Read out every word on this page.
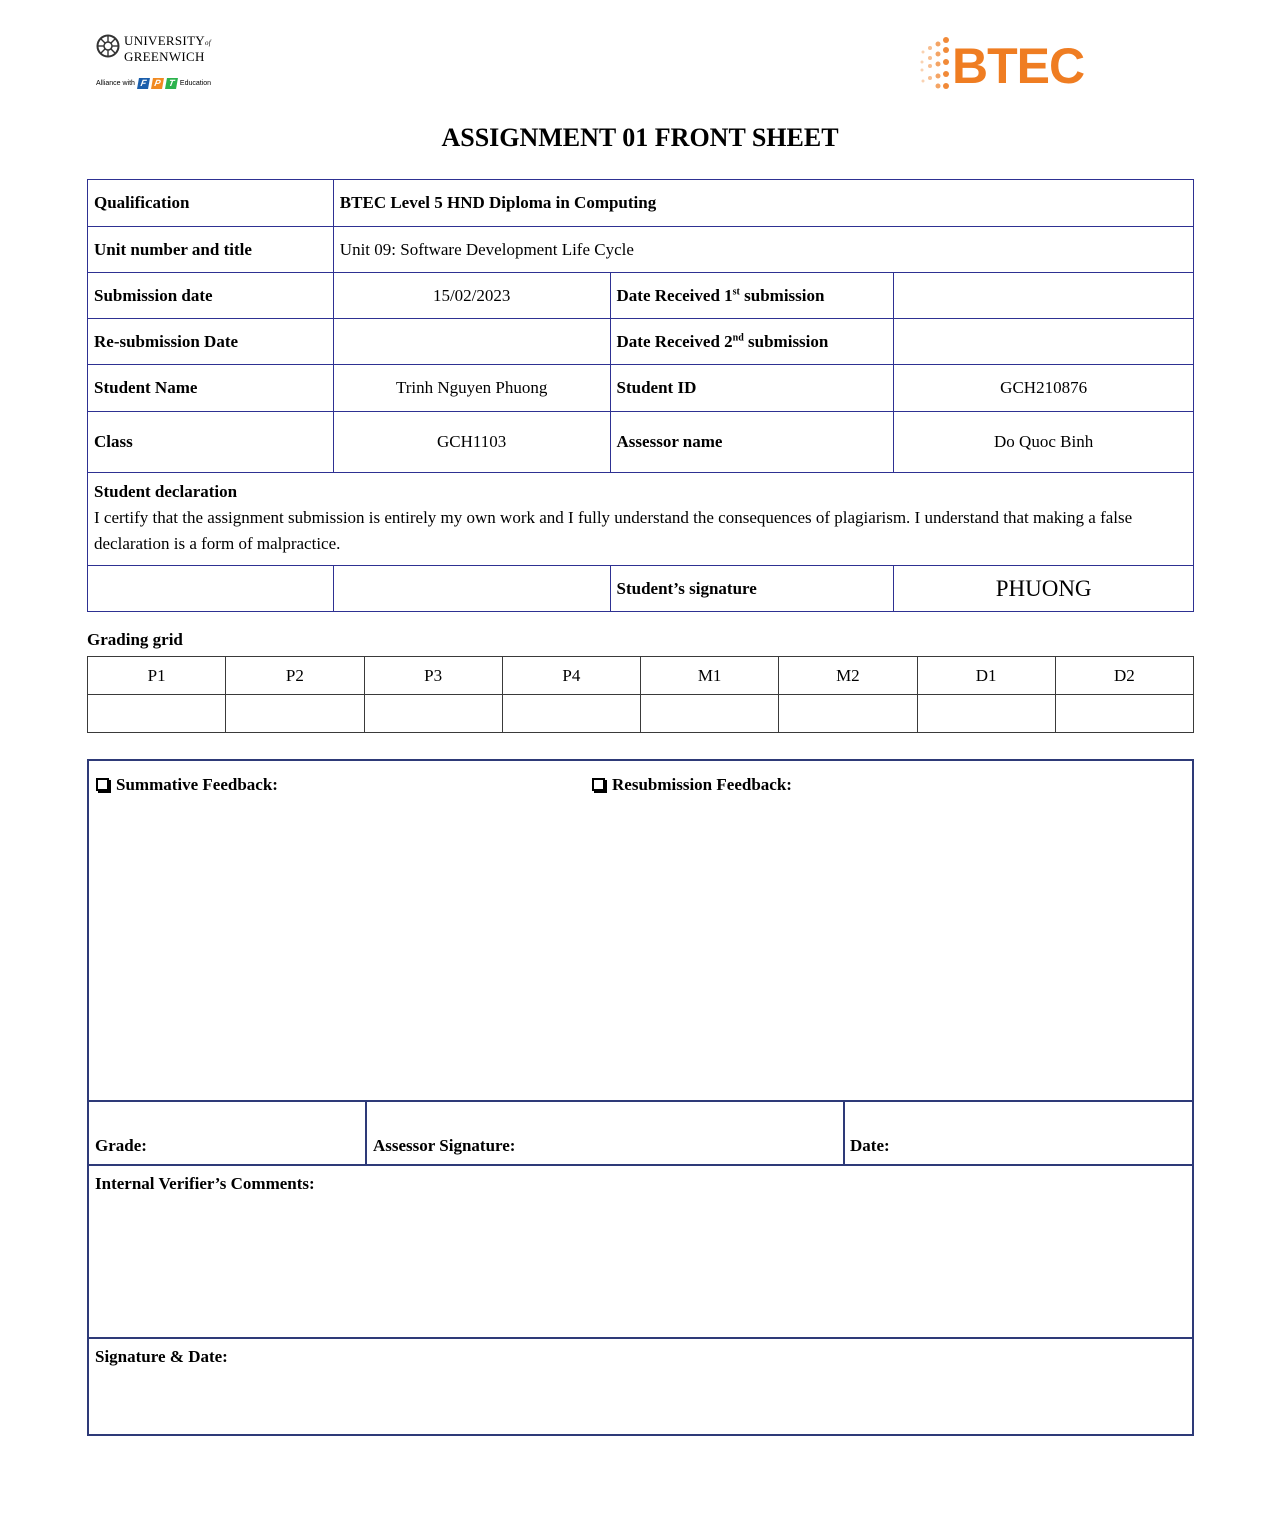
UNIVERSITYof
GREENWICH
Alliance with F P T Education	BTEC
ASSIGNMENT 01 FRONT SHEET
Qualification	BTEC Level 5 HND Diploma in Computing		
Unit number and title	Unit 09: Software Development Life Cycle		
Submission date	15/02/2023	Date Received 1st submission	
Re-submission Date		Date Received 2nd submission	
Student Name	Trinh Nguyen Phuong	Student ID	GCH210876
Class	GCH1103	Assessor name	Do Quoc Binh

Student declaration
I certify that the assignment submission is entirely my own work and I fully understand the consequences of plagiarism. I understand that making a false declaration is a form of malpractice.			

		Student’s signature	PHUONG
Grading grid
P1	P2	P3	P4	M1	M2	D1	D2

Summative Feedback:	Resubmission Feedback:
Grade:	Assessor Signature:	Date:
Internal Verifier’s Comments:
Signature & Date:
